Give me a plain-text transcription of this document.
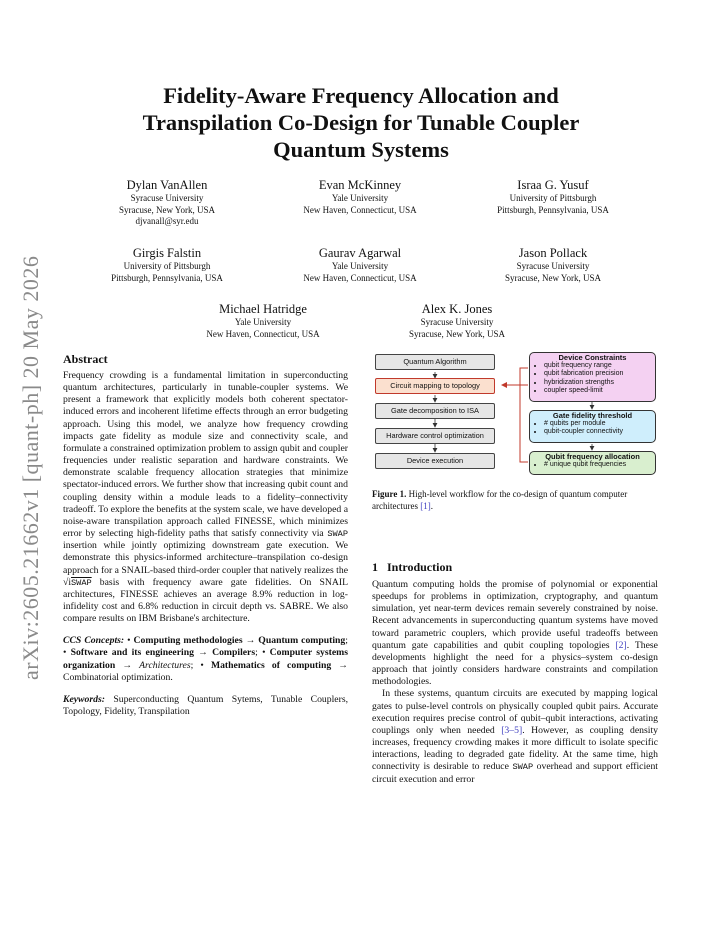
arXiv:2605.21662v1 [quant-ph] 20 May 2026
Fidelity-Aware Frequency Allocation and
Transpilation Co-Design for Tunable Coupler
Quantum Systems
Dylan VanAllen
Syracuse University
Syracuse, New York, USA
djvanall@syr.edu
Evan McKinney
Yale University
New Haven, Connecticut, USA
Israa G. Yusuf
University of Pittsburgh
Pittsburgh, Pennsylvania, USA
Girgis Falstin
University of Pittsburgh
Pittsburgh, Pennsylvania, USA
Gaurav Agarwal
Yale University
New Haven, Connecticut, USA
Jason Pollack
Syracuse University
Syracuse, New York, USA
Michael Hatridge
Yale University
New Haven, Connecticut, USA
Alex K. Jones
Syracuse University
Syracuse, New York, USA
Abstract

Frequency crowding is a fundamental limitation in superconducting quantum architectures, particularly in tunable-coupler systems. We present a framework that explicitly models both coherent spectator-induced errors and incoherent lifetime effects through an error budgeting approach. Using this model, we analyze how frequency crowding impacts gate fidelity as module size and connectivity scale, and formulate a constrained optimization problem to assign qubit and coupler frequencies under realistic separation and hardware constraints. We demonstrate scalable frequency allocation strategies that minimize spectator-induced errors. We further show that increasing qubit count and coupling density within a module leads to a fidelity–connectivity tradeoff. To explore the benefits at the system scale, we have developed a noise-aware transpilation approach called FINESSE, which minimizes error by selecting high-fidelity paths that satisfy connectivity via SWAP insertion while jointly optimizing downstream gate execution. We demonstrate this physics-informed architecture–transpilation co-design approach for a SNAIL-based third-order coupler that natively realizes the √iSWAP basis with frequency aware gate fidelities. On SNAIL architectures, FINESSE achieves an average 8.9% reduction in log-infidelity cost and 6.8% reduction in circuit depth vs. SABRE. We also compare results on IBM Brisbane's architecture.

CCS Concepts: • Computing methodologies → Quantum computing; • Software and its engineering → Compilers; • Computer systems organization → Architectures; • Mathematics of computing → Combinatorial optimization.

Keywords: Superconducting Quantum Sytems, Tunable Couplers, Topology, Fidelity, Transpilation

Quantum Algorithm
Circuit mapping to topology
Gate decomposition to ISA
Hardware control optimization
Device execution
Device Constraints
• qubit frequency range
• qubit fabrication precision
• hybridization strengths
• coupler speed-limit
Gate fidelity threshold
• # qubits per module
• qubit-coupler connectivity
Qubit frequency allocation
• # unique qubit frequencies
Figure 1. High-level workflow for the co-design of quantum computer architectures [1].
1 Introduction

Quantum computing holds the promise of polynomial or exponential speedups for problems in optimization, cryptography, and quantum simulation, yet near-term devices remain severely constrained by noise. Recent advancements in superconducting quantum systems have moved toward parametric couplers, which provide useful tradeoffs between quantum gate capabilities and qubit coupling topologies [2]. These developments highlight the need for a physics–system co-design approach that jointly considers hardware constraints and compilation methodologies.

In these systems, quantum circuits are executed by mapping logical gates to pulse-level controls on physically coupled qubit pairs. Accurate execution requires precise control of qubit–qubit interactions, activating couplings only when needed [3–5]. However, as coupling density increases, frequency crowding makes it more difficult to isolate specific interactions, leading to degraded gate fidelity. At the same time, high connectivity is desirable to reduce SWAP overhead and support efficient circuit execution and error
